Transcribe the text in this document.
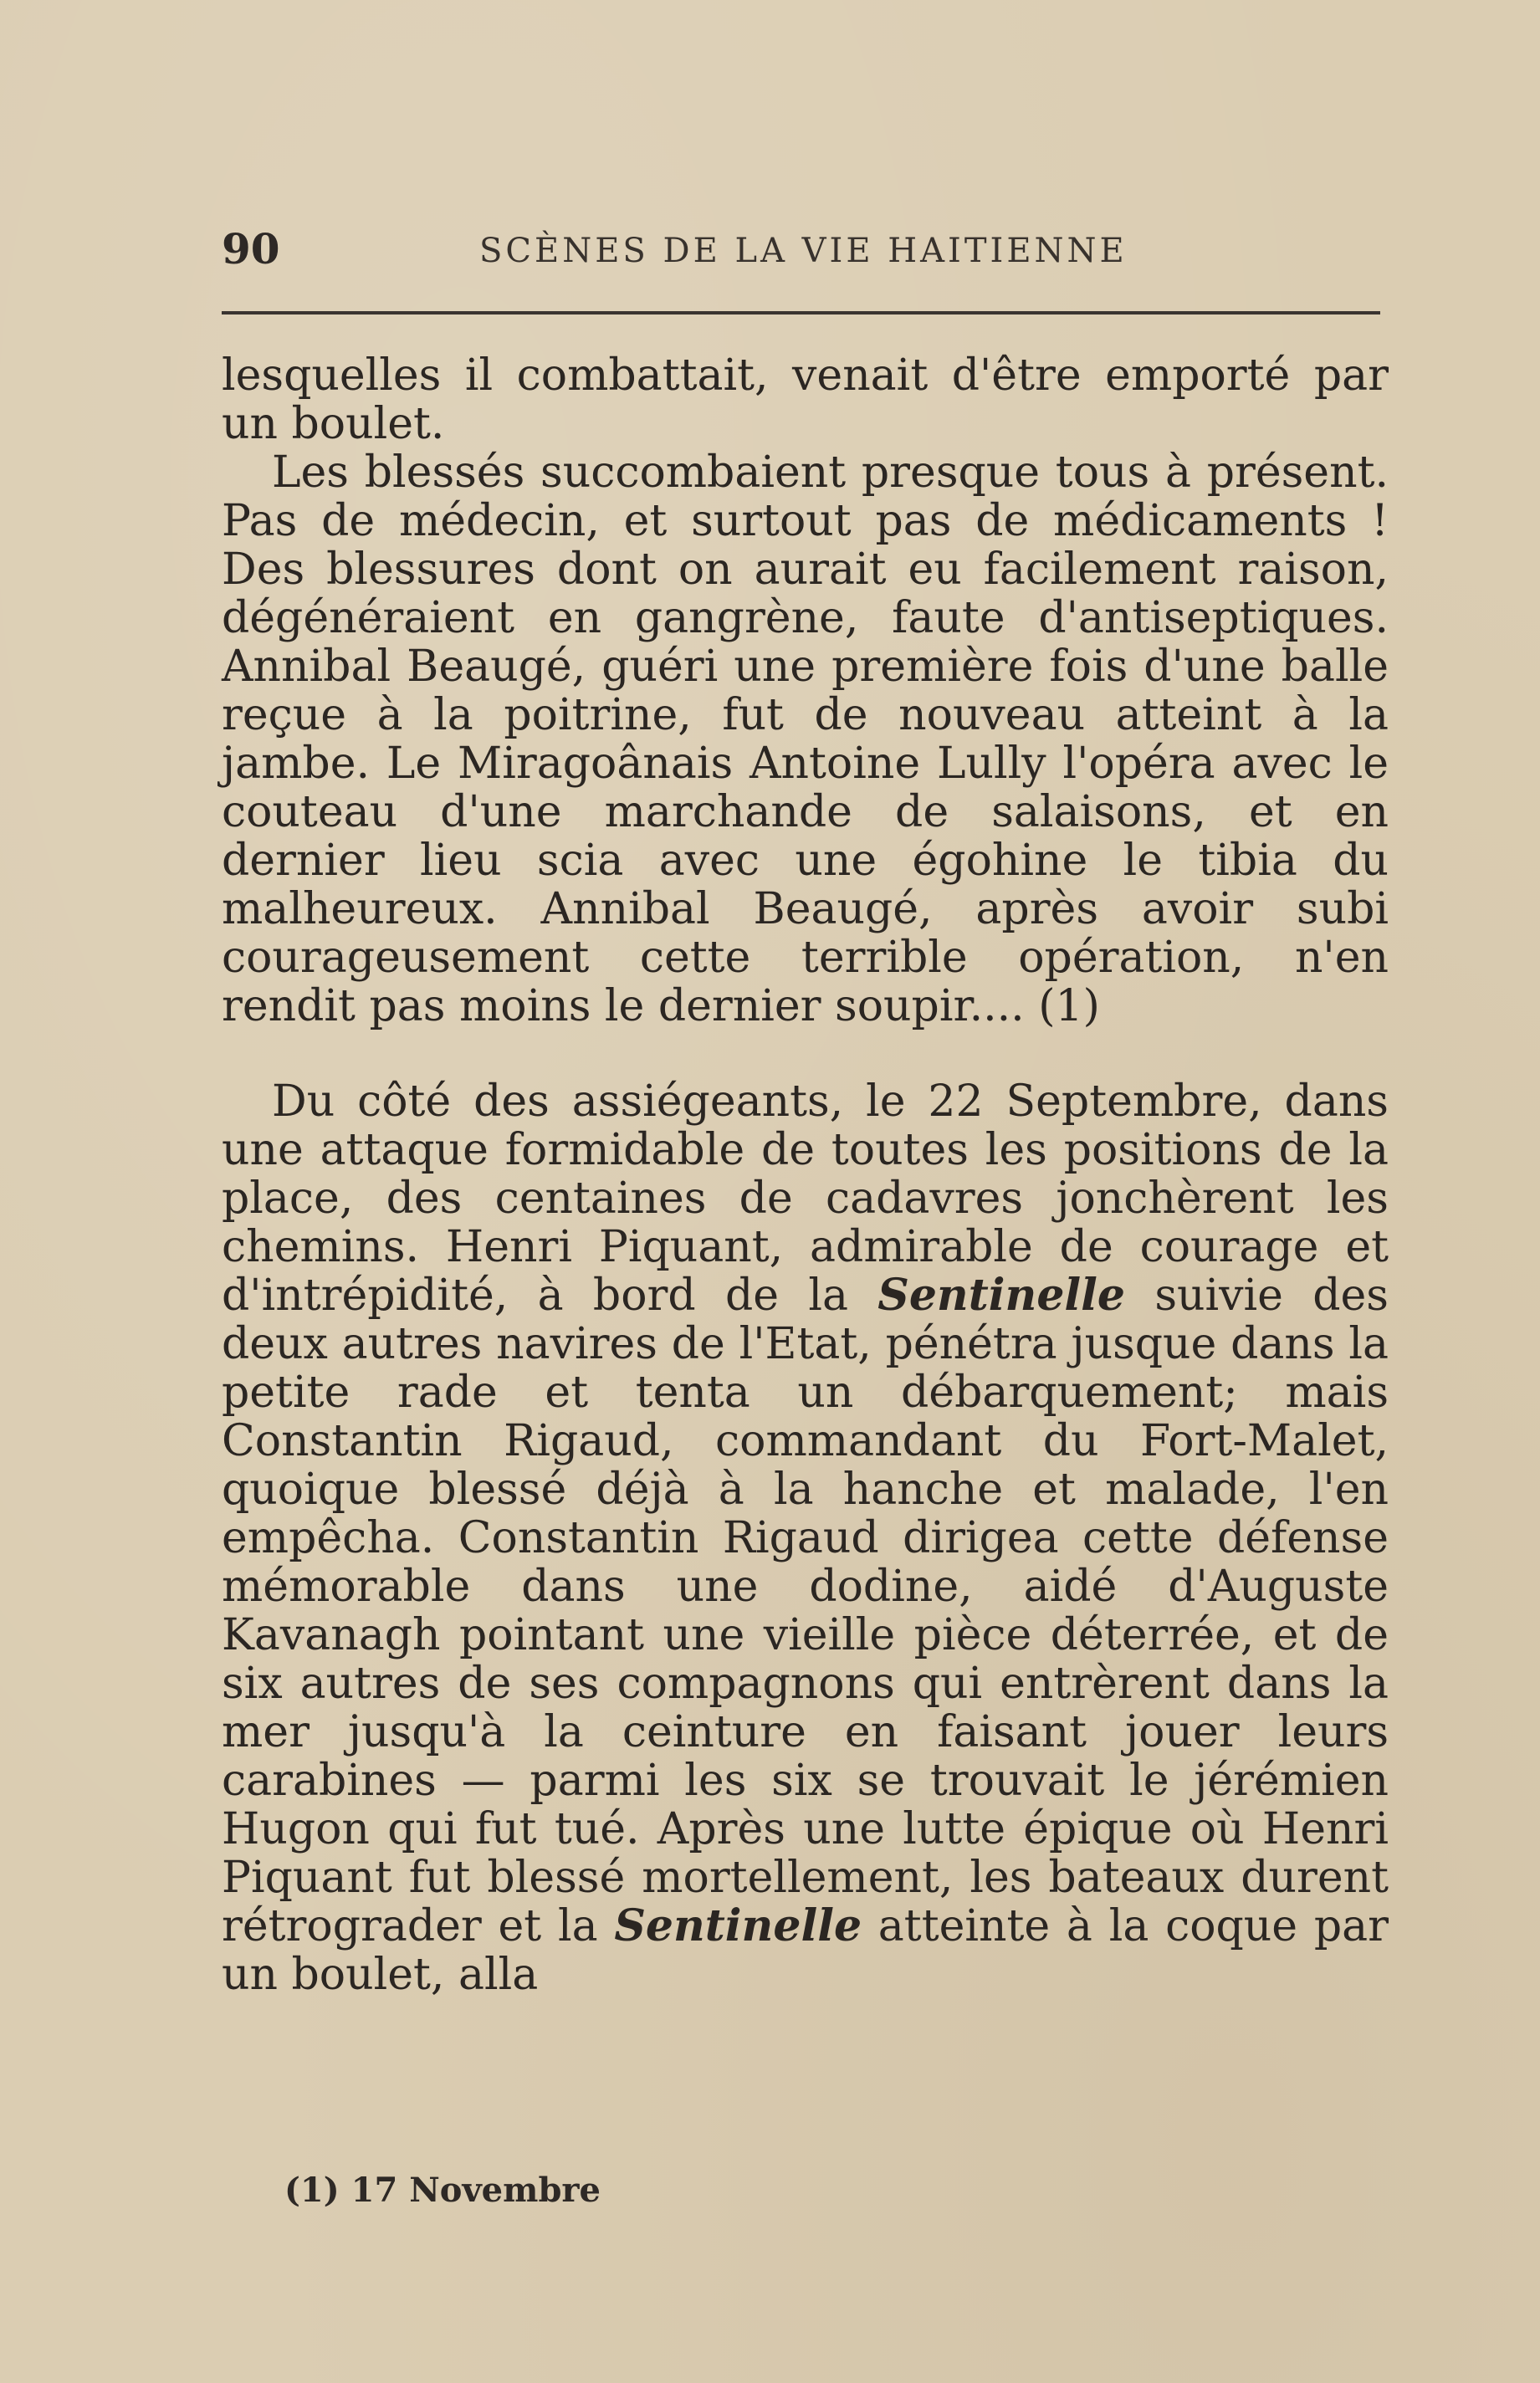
90	SCÈNES DE LA VIE HAITIENNE

lesquelles il combattait, venait d'être emporté par un boulet.

Les blessés succombaient presque tous à présent. Pas de médecin, et surtout pas de médicaments ! Des blessures dont on aurait eu facilement raison, dégénéraient en gangrène, faute d'antiseptiques. Annibal Beaugé, guéri une première fois d'une balle reçue à la poitrine, fut de nouveau atteint à la jambe. Le Miragoânais Antoine Lully l'opéra avec le couteau d'une marchande de salaisons, et en dernier lieu scia avec une égohine le tibia du malheureux. Annibal Beaugé, après avoir subi courageusement cette terrible opération, n'en rendit pas moins le dernier soupir.... (1)

Du côté des assiégeants, le 22 Septembre, dans une attaque formidable de toutes les positions de la place, des centaines de cadavres jonchèrent les chemins. Henri Piquant, admirable de courage et d'intrépidité, à bord de la Sentinelle suivie des deux autres navires de l'Etat, pénétra jusque dans la petite rade et tenta un débarquement; mais Constantin Rigaud, commandant du Fort-Malet, quoique blessé déjà à la hanche et malade, l'en empêcha. Constantin Rigaud dirigea cette défense mémorable dans une dodine, aidé d'Auguste Kavanagh pointant une vieille pièce déterrée, et de six autres de ses compagnons qui entrèrent dans la mer jusqu'à la ceinture en faisant jouer leurs carabines — parmi les six se trouvait le jérémien Hugon qui fut tué. Après une lutte épique où Henri Piquant fut blessé mortellement, les bateaux durent rétrograder et la Sentinelle atteinte à la coque par un boulet, alla

(1) 17 Novembre
